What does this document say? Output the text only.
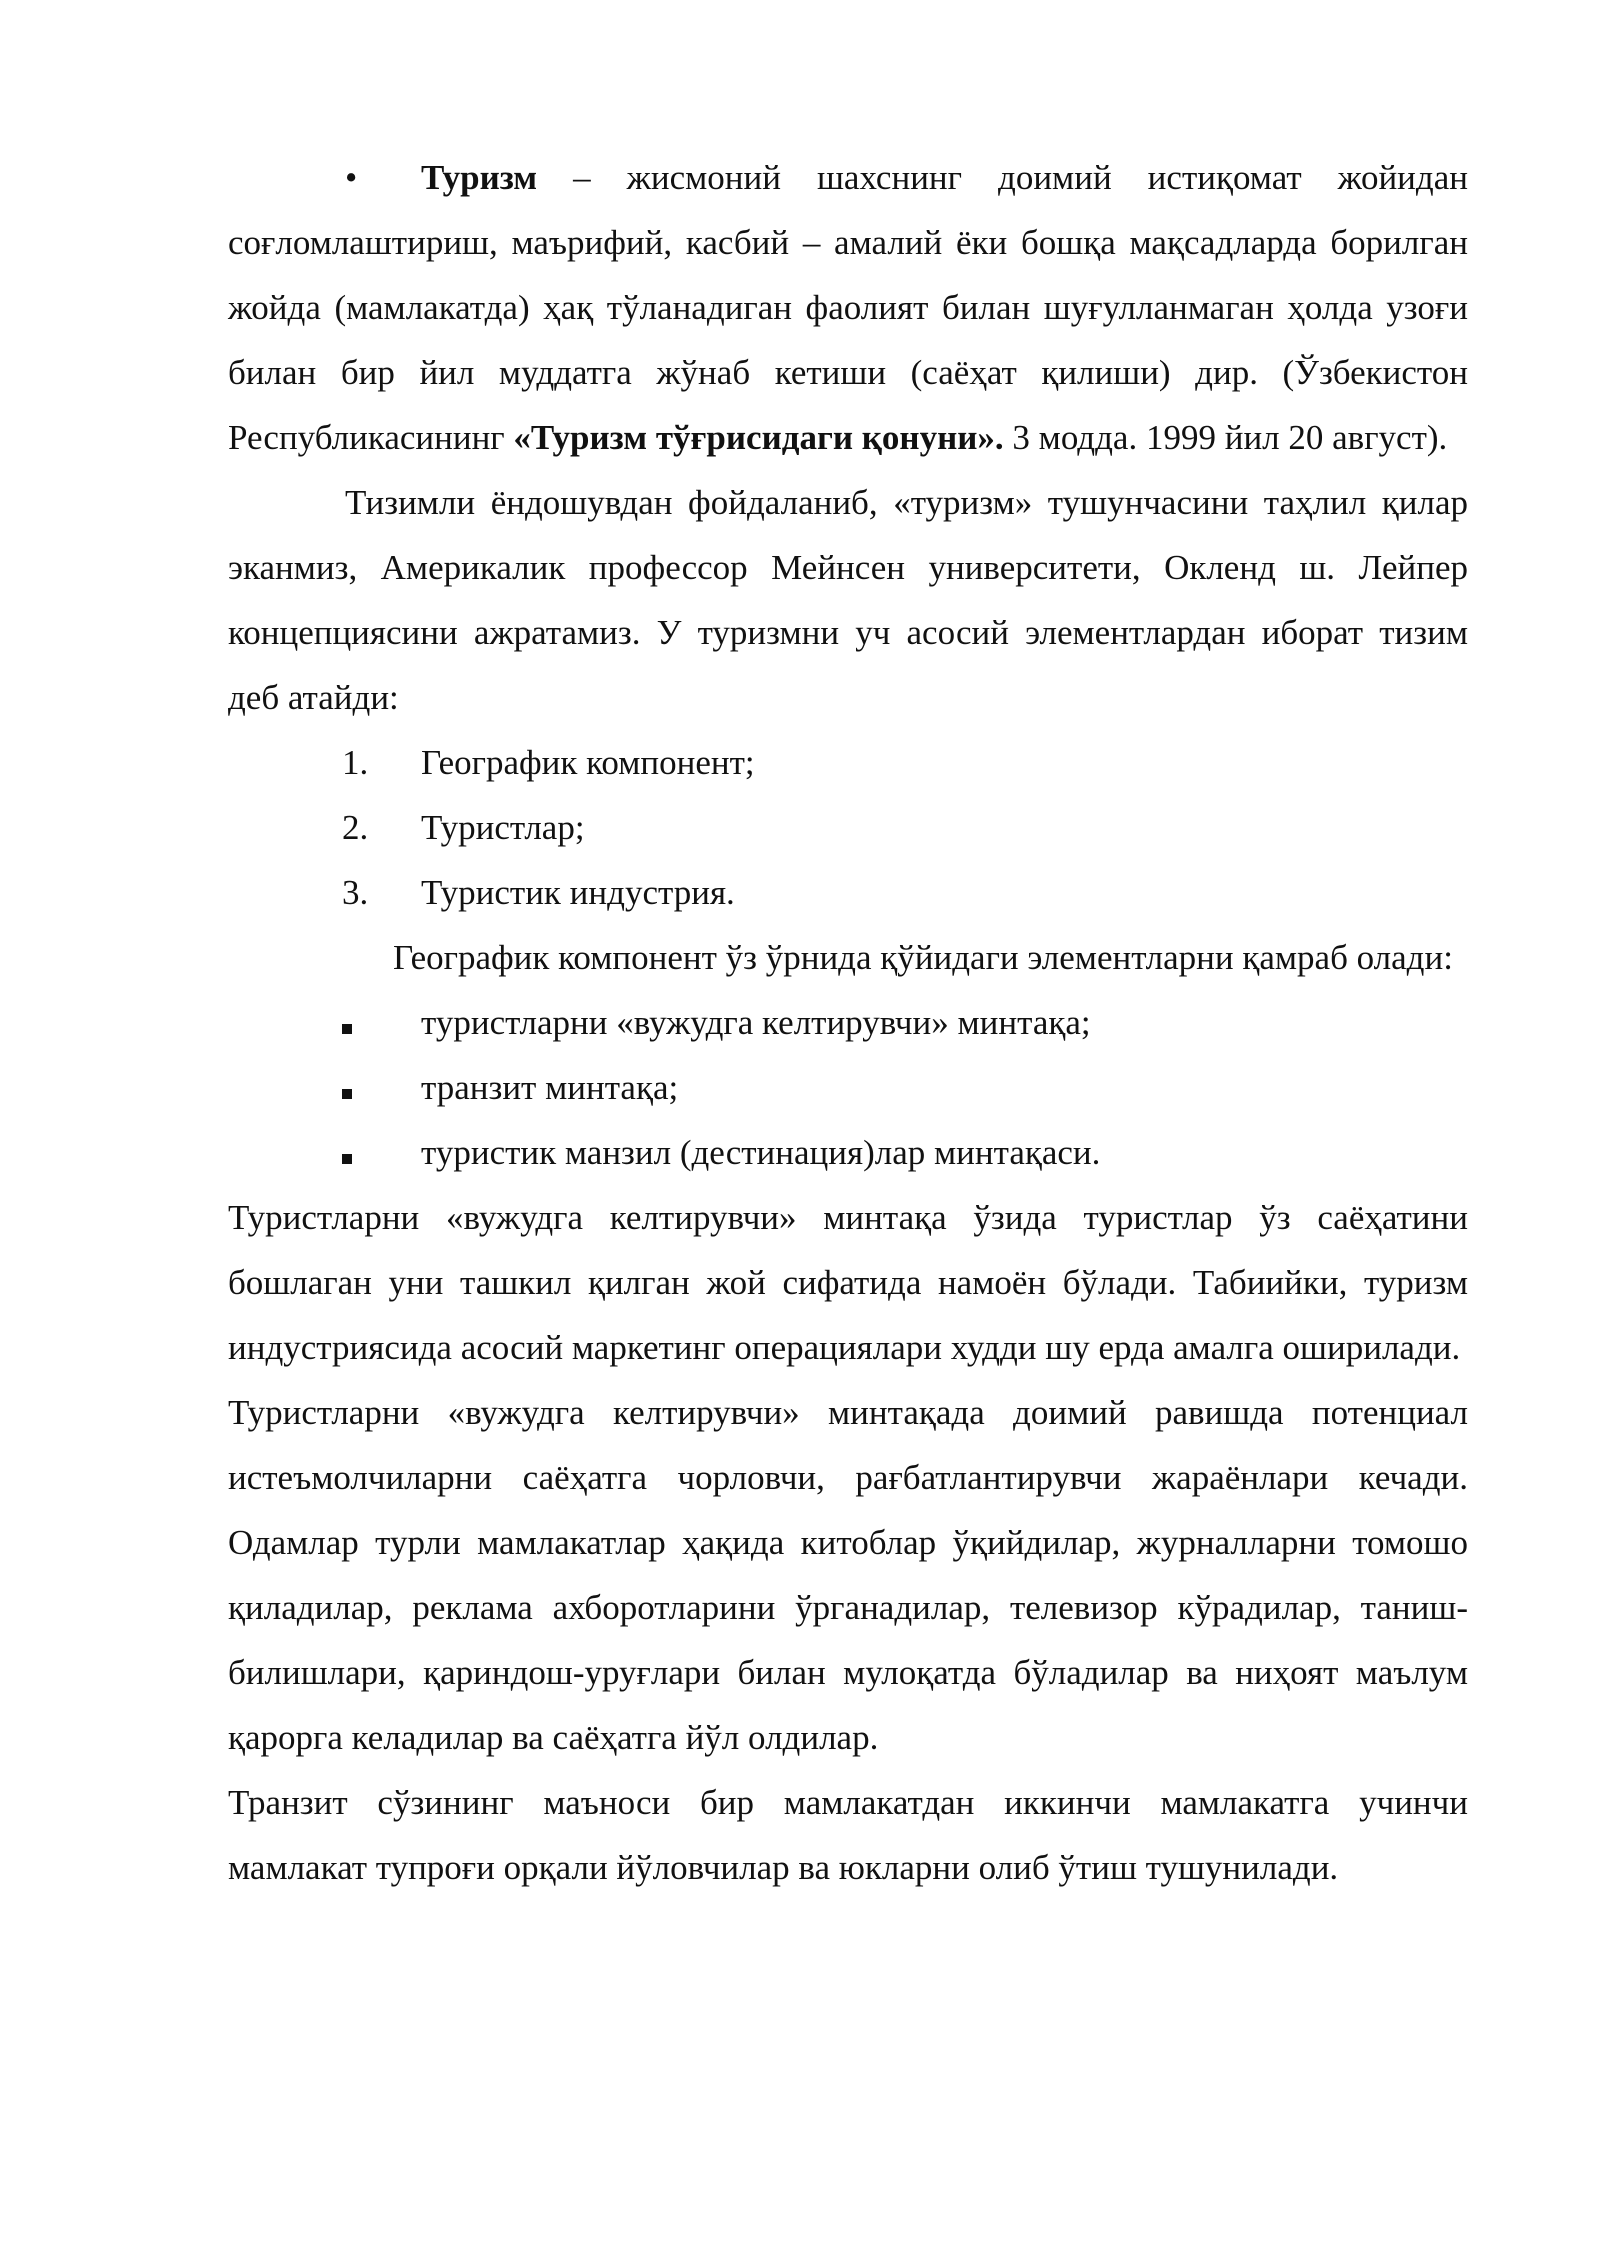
• Туризм – жисмоний шахснинг доимий истиқомат жойидан соғломлаштириш, маърифий, касбий – амалий ёки бошқа мақсадларда борилган жойда (мамлакатда) ҳақ тўланадиган фаолият билан шуғулланмаган ҳолда узоғи билан бир йил муддатга жўнаб кетиши (саёҳат қилиши) дир. (Ўзбекистон Республикасининг «Туризм тўғрисидаги қонуни». 3 модда. 1999 йил 20 август).

Тизимли ёндошувдан фойдаланиб, «туризм» тушунчасини таҳлил қилар эканмиз, Америкалик профессор Мейнсен университети, Окленд ш. Лейпер концепциясини ажратамиз. У туризмни уч асосий элементлардан иборат тизим деб атайди:

1. Географик компонент;
2. Туристлар;
3. Туристик индустрия.

Географик компонент ўз ўрнида қўйидаги элементларни қамраб олади:

туристларни «вужудга келтирувчи» минтақа;
транзит минтақа;
туристик манзил (дестинация)лар минтақаси.

Туристларни «вужудга келтирувчи» минтақа ўзида туристлар ўз саёҳатини бошлаган уни ташкил қилган жой сифатида намоён бўлади. Табиийки, туризм индустриясида асосий маркетинг операциялари худди шу ерда амалга оширилади.

Туристларни «вужудга келтирувчи» минтақада доимий равишда потенциал истеъмолчиларни саёҳатга чорловчи, рағбатлантирувчи жараёнлари кечади. Одамлар турли мамлакатлар ҳақида китоблар ўқийдилар, журналларни томошо қиладилар, реклама ахборотларини ўрганадилар, телевизор кўрадилар, таниш-билишлари, қариндош-уруғлари билан мулоқатда бўладилар ва ниҳоят маълум қарорга келадилар ва саёҳатга йўл олдилар.

Транзит сўзининг маъноси бир мамлакатдан иккинчи мамлакатга учинчи мамлакат тупроғи орқали йўловчилар ва юкларни олиб ўтиш тушунилади.
